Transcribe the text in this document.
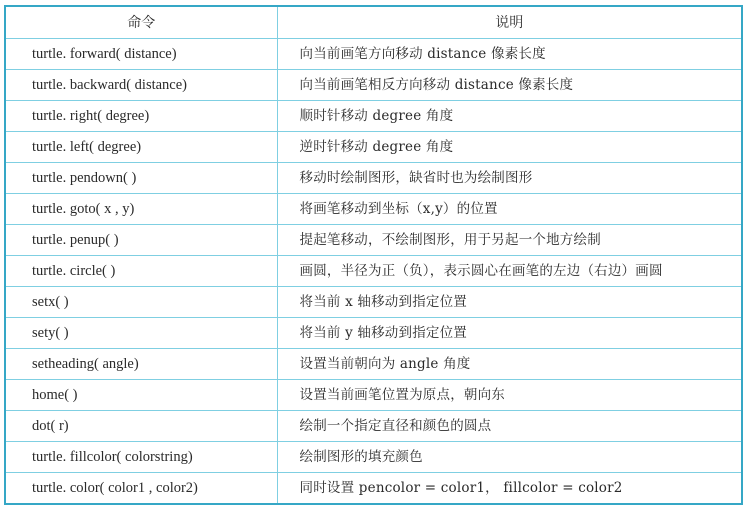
命令	说明
turtle. forward( distance)	向当前画笔方向移动 distance 像素长度
turtle. backward( distance)	向当前画笔相反方向移动 distance 像素长度
turtle. right( degree)	顺时针移动 degree 角度
turtle. left( degree)	逆时针移动 degree 角度
turtle. pendown( )	移动时绘制图形，缺省时也为绘制图形
turtle. goto( x , y)	将画笔移动到坐标（x,y）的位置
turtle. penup( )	提起笔移动，不绘制图形，用于另起一个地方绘制
turtle. circle( )	画圆，半径为正（负），表示圆心在画笔的左边（右边）画圆
setx( )	将当前 x 轴移动到指定位置
sety( )	将当前 y 轴移动到指定位置
setheading( angle)	设置当前朝向为 angle 角度
home( )	设置当前画笔位置为原点，朝向东
dot( r)	绘制一个指定直径和颜色的圆点
turtle. fillcolor( colorstring)	绘制图形的填充颜色
turtle. color( color1 , color2)	同时设置 pencolor = color1， fillcolor = color2
